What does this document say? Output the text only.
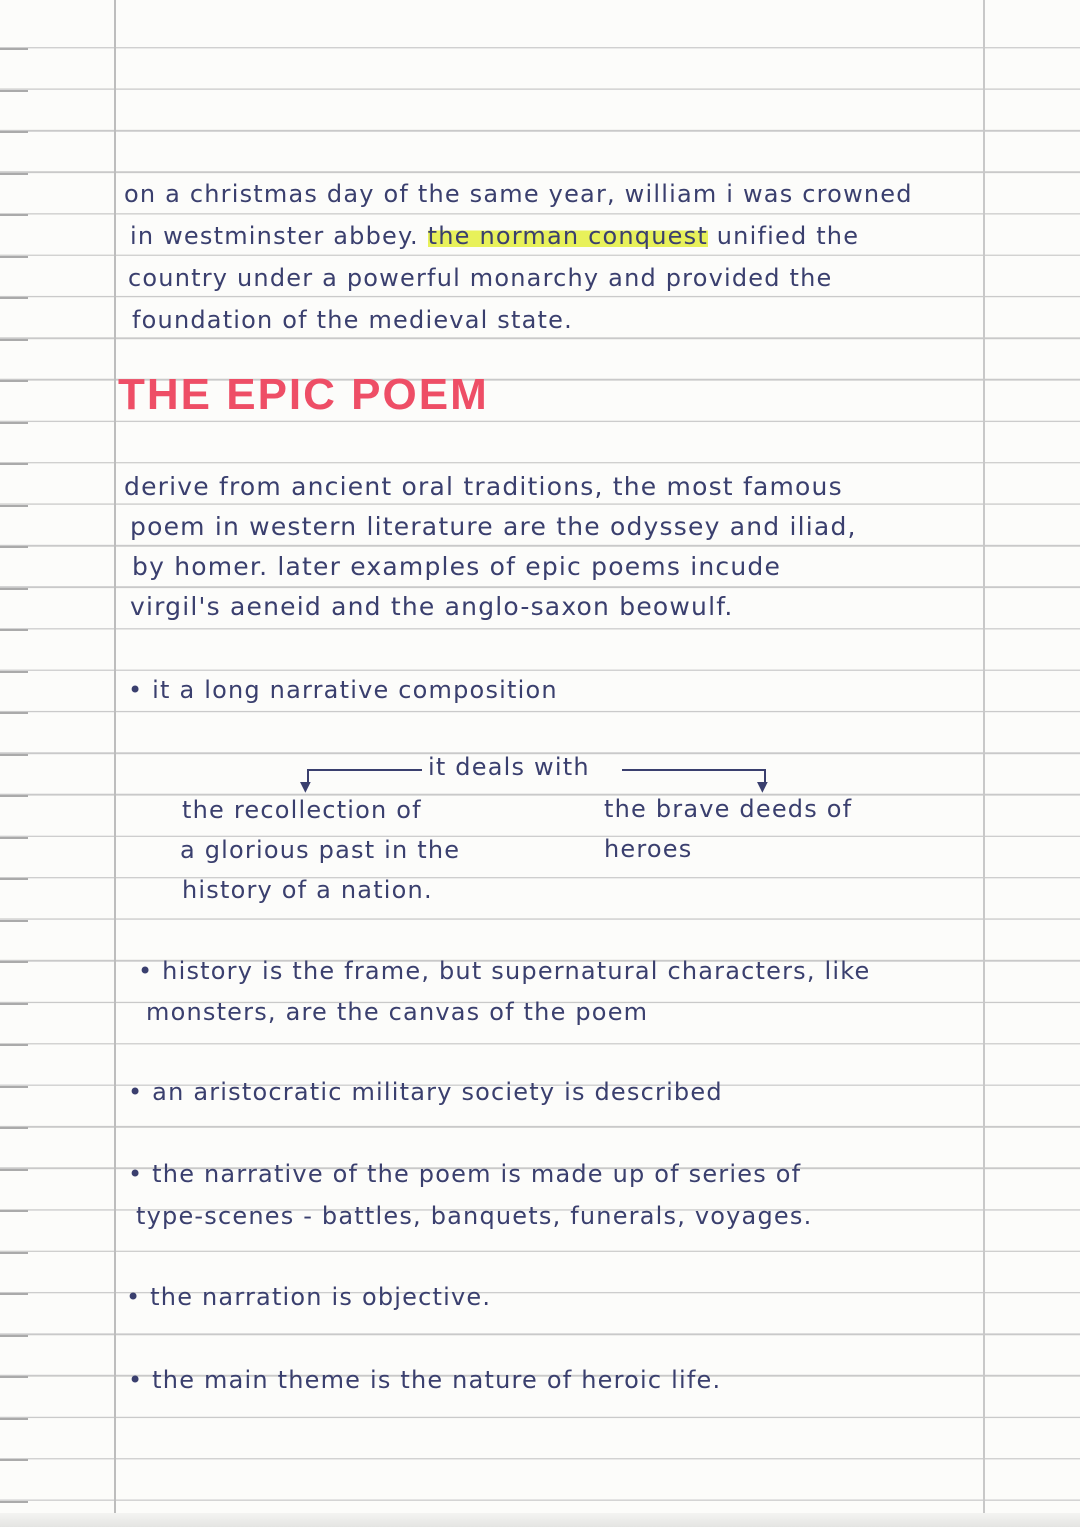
on a christmas day of the same year, william i was crowned
in westminster abbey. the norman conquest unified the
country under a powerful monarchy and provided the
foundation of the medieval state.
THE EPIC POEM
derive from ancient oral traditions, the most famous
poem in western literature are the odyssey and iliad,
by homer. later examples of epic poems incude
virgil's aeneid and the anglo-saxon beowulf.
• it a long narrative composition
it deals with
▼	▼
the recollection of
a glorious past in the
history of a nation.
the brave deeds of
heroes
• history is the frame, but supernatural characters, like
monsters, are the canvas of the poem
• an aristocratic military society is described
• the narrative of the poem is made up of series of
type-scenes - battles, banquets, funerals, voyages.
• the narration is objective.
• the main theme is the nature of heroic life.
